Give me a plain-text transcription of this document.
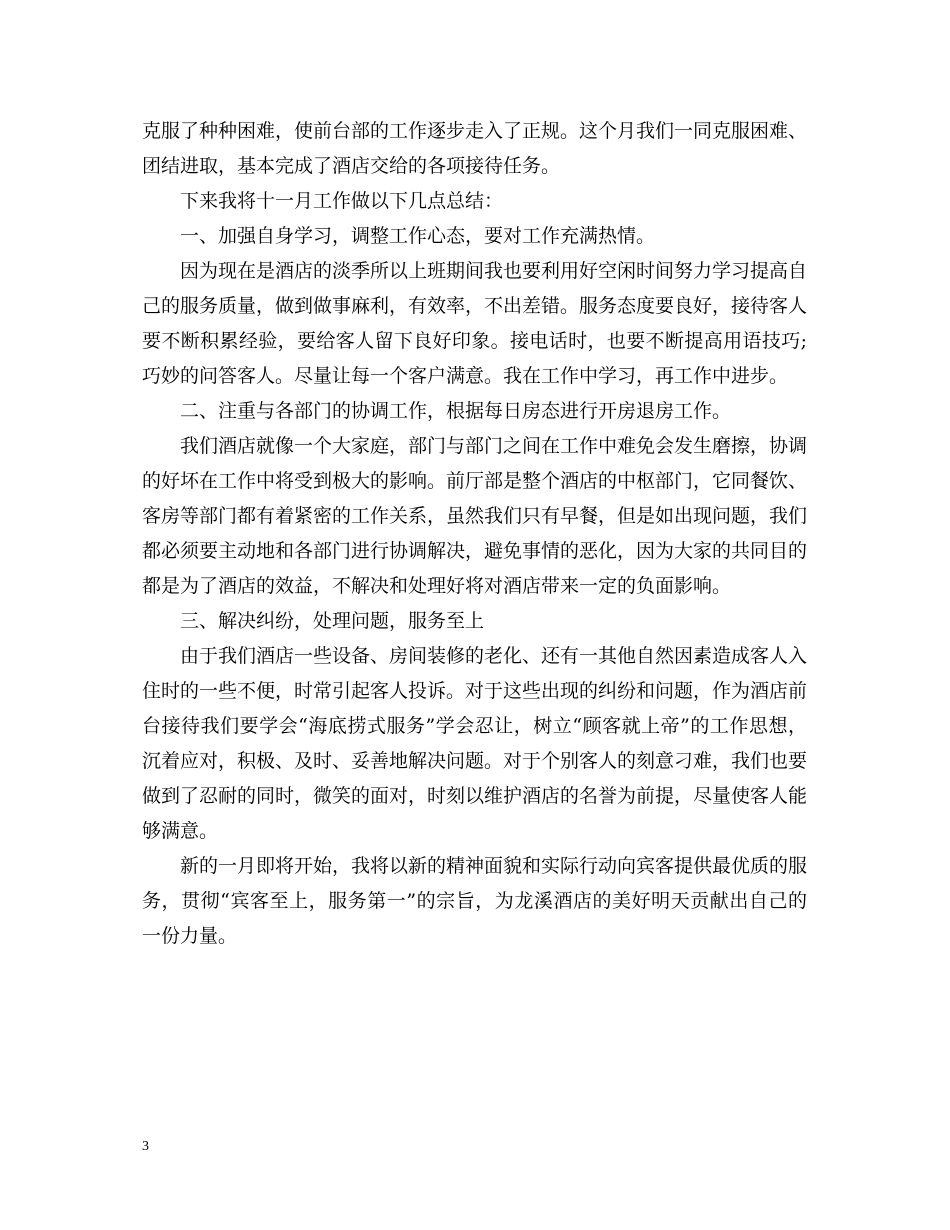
克服了种种困难，使前台部的工作逐步走入了正规。这个月我们一同克服困难、团结进取，基本完成了酒店交给的各项接待任务。

下来我将十一月工作做以下几点总结：

一、加强自身学习，调整工作心态，要对工作充满热情。

因为现在是酒店的淡季所以上班期间我也要利用好空闲时间努力学习提高自己的服务质量，做到做事麻利，有效率，不出差错。服务态度要良好，接待客人要不断积累经验，要给客人留下良好印象。接电话时，也要不断提高用语技巧;巧妙的问答客人。尽量让每一个客户满意。我在工作中学习，再工作中进步。

二、注重与各部门的协调工作，根据每日房态进行开房退房工作。

我们酒店就像一个大家庭，部门与部门之间在工作中难免会发生磨擦，协调的好坏在工作中将受到极大的影响。前厅部是整个酒店的中枢部门，它同餐饮、客房等部门都有着紧密的工作关系，虽然我们只有早餐，但是如出现问题，我们都必须要主动地和各部门进行协调解决，避免事情的恶化，因为大家的共同目的都是为了酒店的效益，不解决和处理好将对酒店带来一定的负面影响。

三、解决纠纷，处理问题，服务至上

由于我们酒店一些设备、房间装修的老化、还有一其他自然因素造成客人入住时的一些不便，时常引起客人投诉。对于这些出现的纠纷和问题，作为酒店前台接待我们要学会“海底捞式服务”学会忍让，树立“顾客就上帝”的工作思想，沉着应对，积极、及时、妥善地解决问题。对于个别客人的刻意刁难，我们也要做到了忍耐的同时，微笑的面对，时刻以维护酒店的名誉为前提，尽量使客人能够满意。

新的一月即将开始，我将以新的精神面貌和实际行动向宾客提供最优质的服务，贯彻“宾客至上，服务第一”的宗旨，为龙溪酒店的美好明天贡献出自己的一份力量。

3
